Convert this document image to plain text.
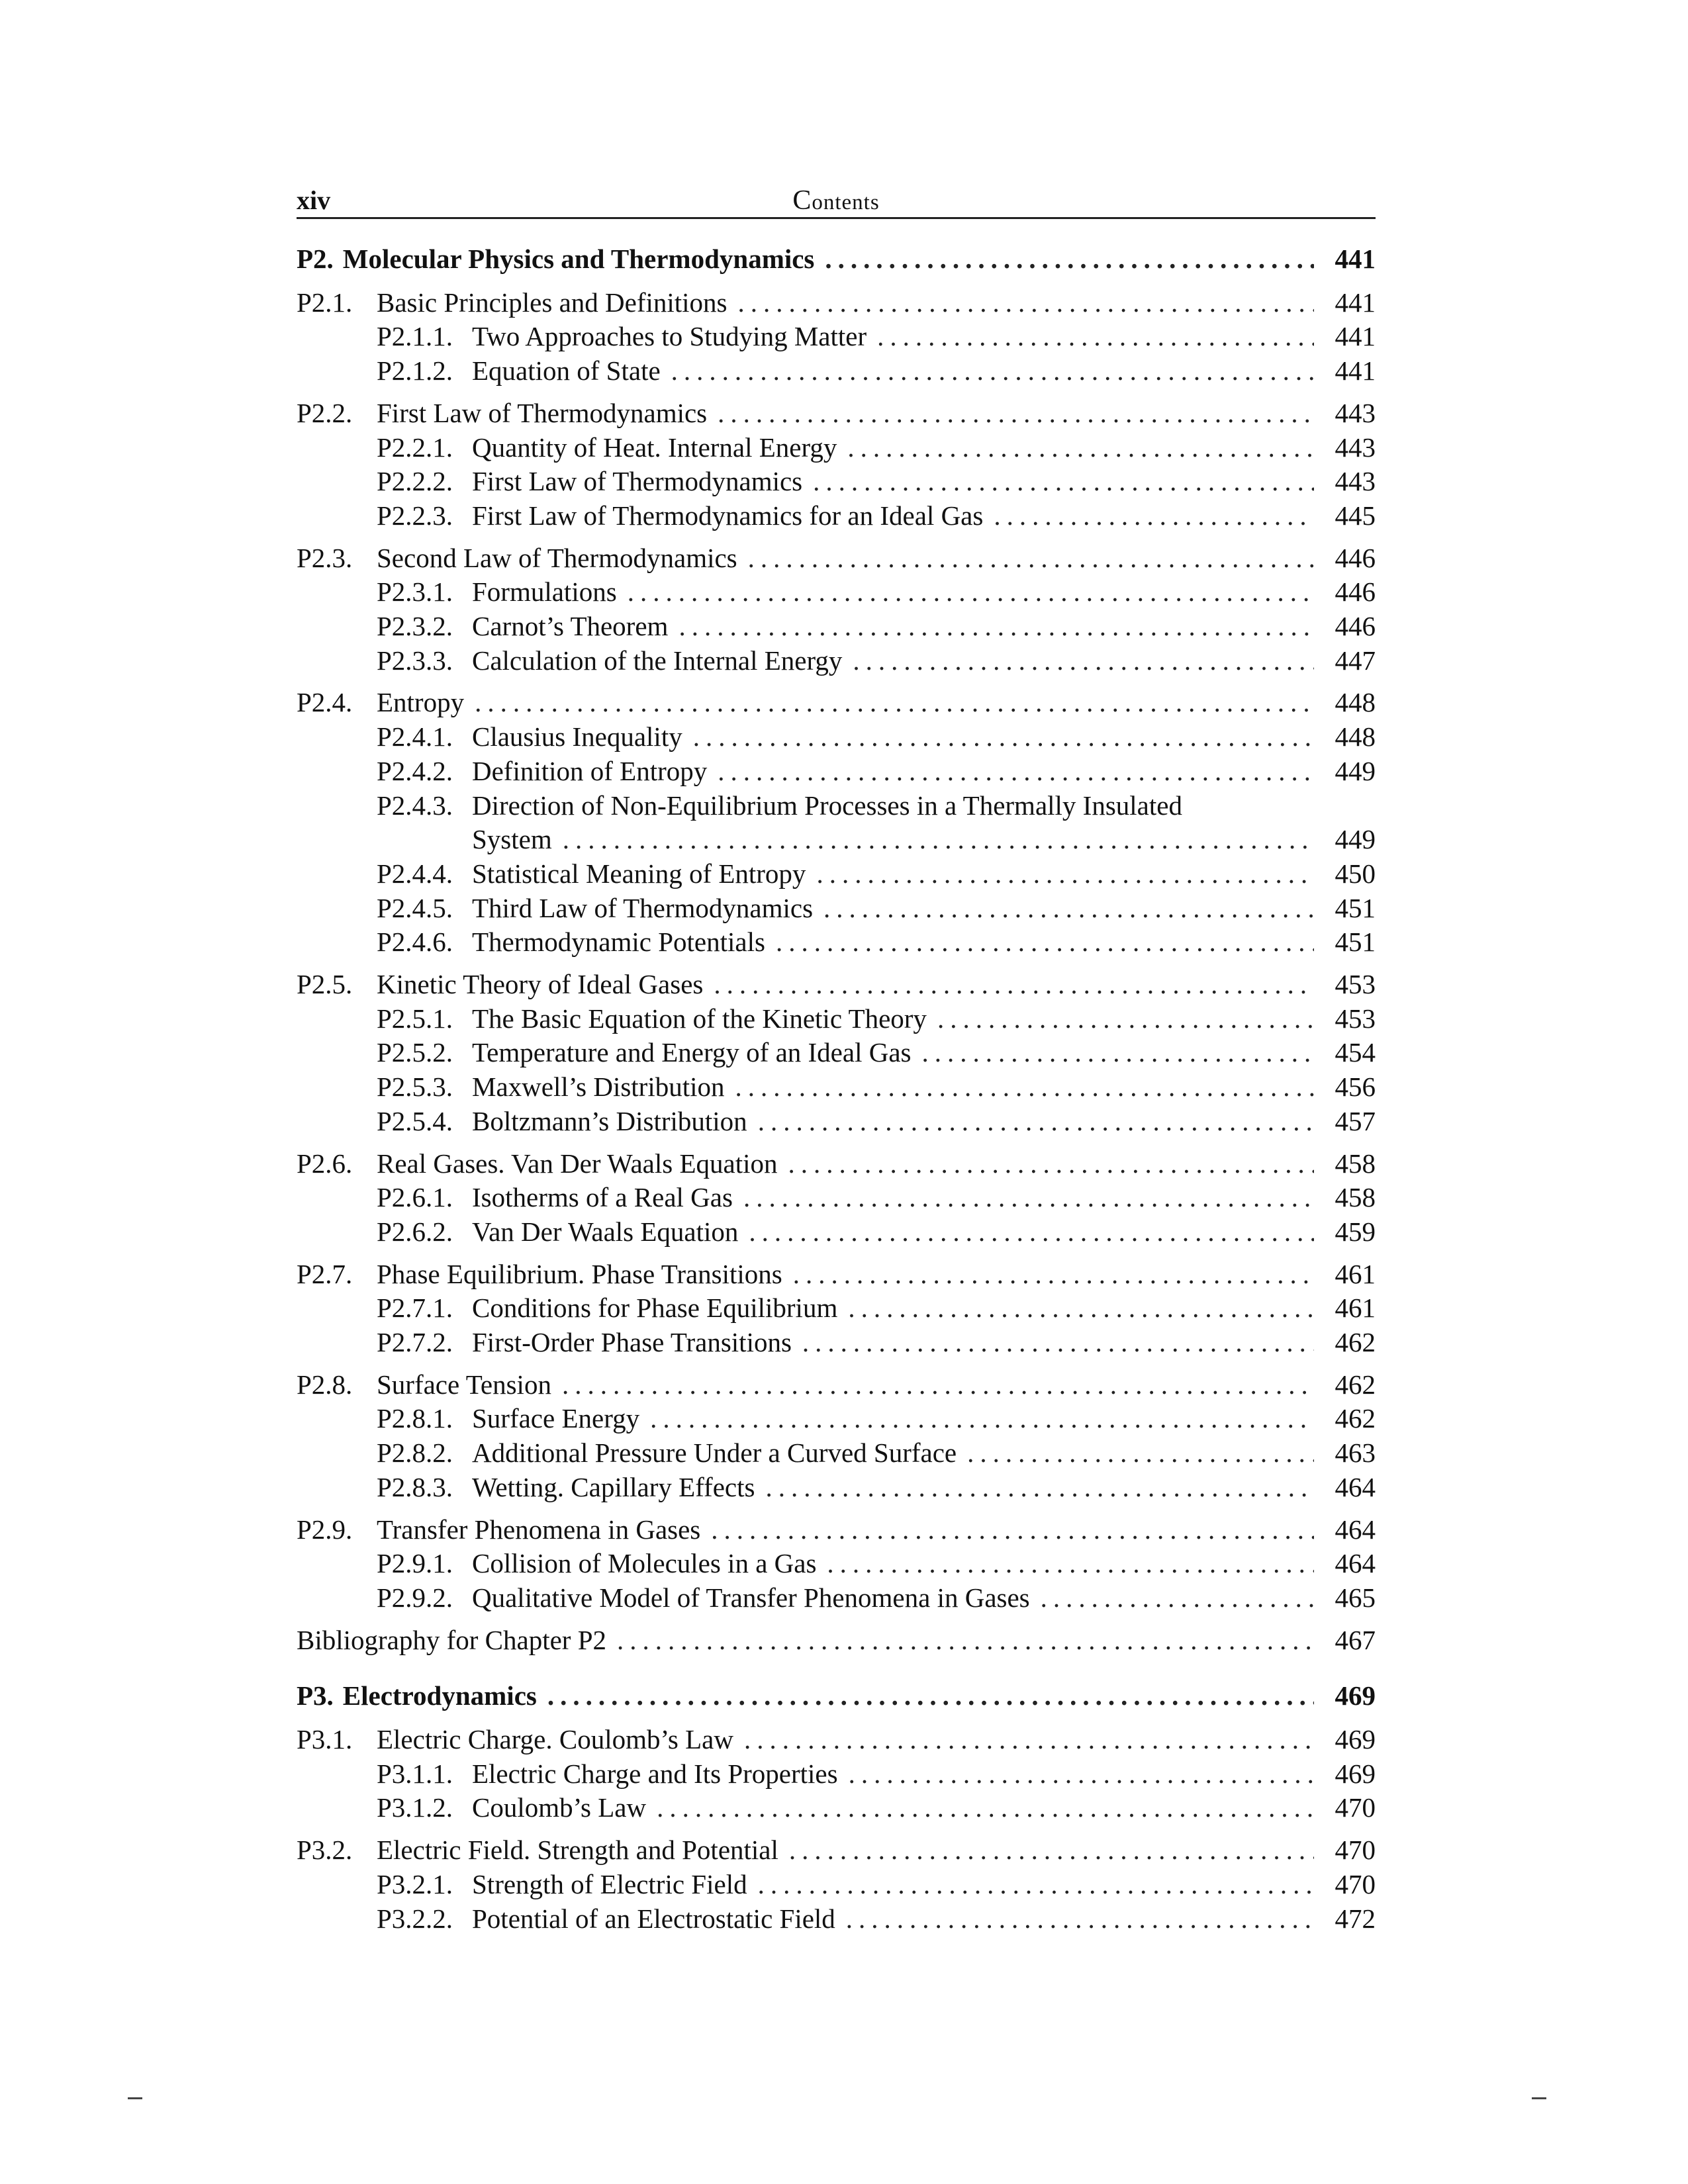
xiv	Contents
P2. Molecular Physics and Thermodynamics .....	441
P2.1. Basic Principles and Definitions .....	441
P2.1.1. Two Approaches to Studying Matter .....	441
P2.1.2. Equation of State .....	441
P2.2. First Law of Thermodynamics .....	443
P2.2.1. Quantity of Heat. Internal Energy .....	443
P2.2.2. First Law of Thermodynamics .....	443
P2.2.3. First Law of Thermodynamics for an Ideal Gas .....	445
P2.3. Second Law of Thermodynamics .....	446
P2.3.1. Formulations .....	446
P2.3.2. Carnot’s Theorem .....	446
P2.3.3. Calculation of the Internal Energy .....	447
P2.4. Entropy .....	448
P2.4.1. Clausius Inequality .....	448
P2.4.2. Definition of Entropy .....	449
P2.4.3. Direction of Non-Equilibrium Processes in a Thermally Insulated
System .....	449
P2.4.4. Statistical Meaning of Entropy .....	450
P2.4.5. Third Law of Thermodynamics .....	451
P2.4.6. Thermodynamic Potentials .....	451
P2.5. Kinetic Theory of Ideal Gases .....	453
P2.5.1. The Basic Equation of the Kinetic Theory .....	453
P2.5.2. Temperature and Energy of an Ideal Gas .....	454
P2.5.3. Maxwell’s Distribution .....	456
P2.5.4. Boltzmann’s Distribution .....	457
P2.6. Real Gases. Van Der Waals Equation .....	458
P2.6.1. Isotherms of a Real Gas .....	458
P2.6.2. Van Der Waals Equation .....	459
P2.7. Phase Equilibrium. Phase Transitions .....	461
P2.7.1. Conditions for Phase Equilibrium .....	461
P2.7.2. First-Order Phase Transitions .....	462
P2.8. Surface Tension .....	462
P2.8.1. Surface Energy .....	462
P2.8.2. Additional Pressure Under a Curved Surface .....	463
P2.8.3. Wetting. Capillary Effects .....	464
P2.9. Transfer Phenomena in Gases .....	464
P2.9.1. Collision of Molecules in a Gas .....	464
P2.9.2. Qualitative Model of Transfer Phenomena in Gases .....	465
Bibliography for Chapter P2 .....	467
P3. Electrodynamics .....	469
P3.1. Electric Charge. Coulomb’s Law .....	469
P3.1.1. Electric Charge and Its Properties .....	469
P3.1.2. Coulomb’s Law .....	470
P3.2. Electric Field. Strength and Potential .....	470
P3.2.1. Strength of Electric Field .....	470
P3.2.2. Potential of an Electrostatic Field .....	472
